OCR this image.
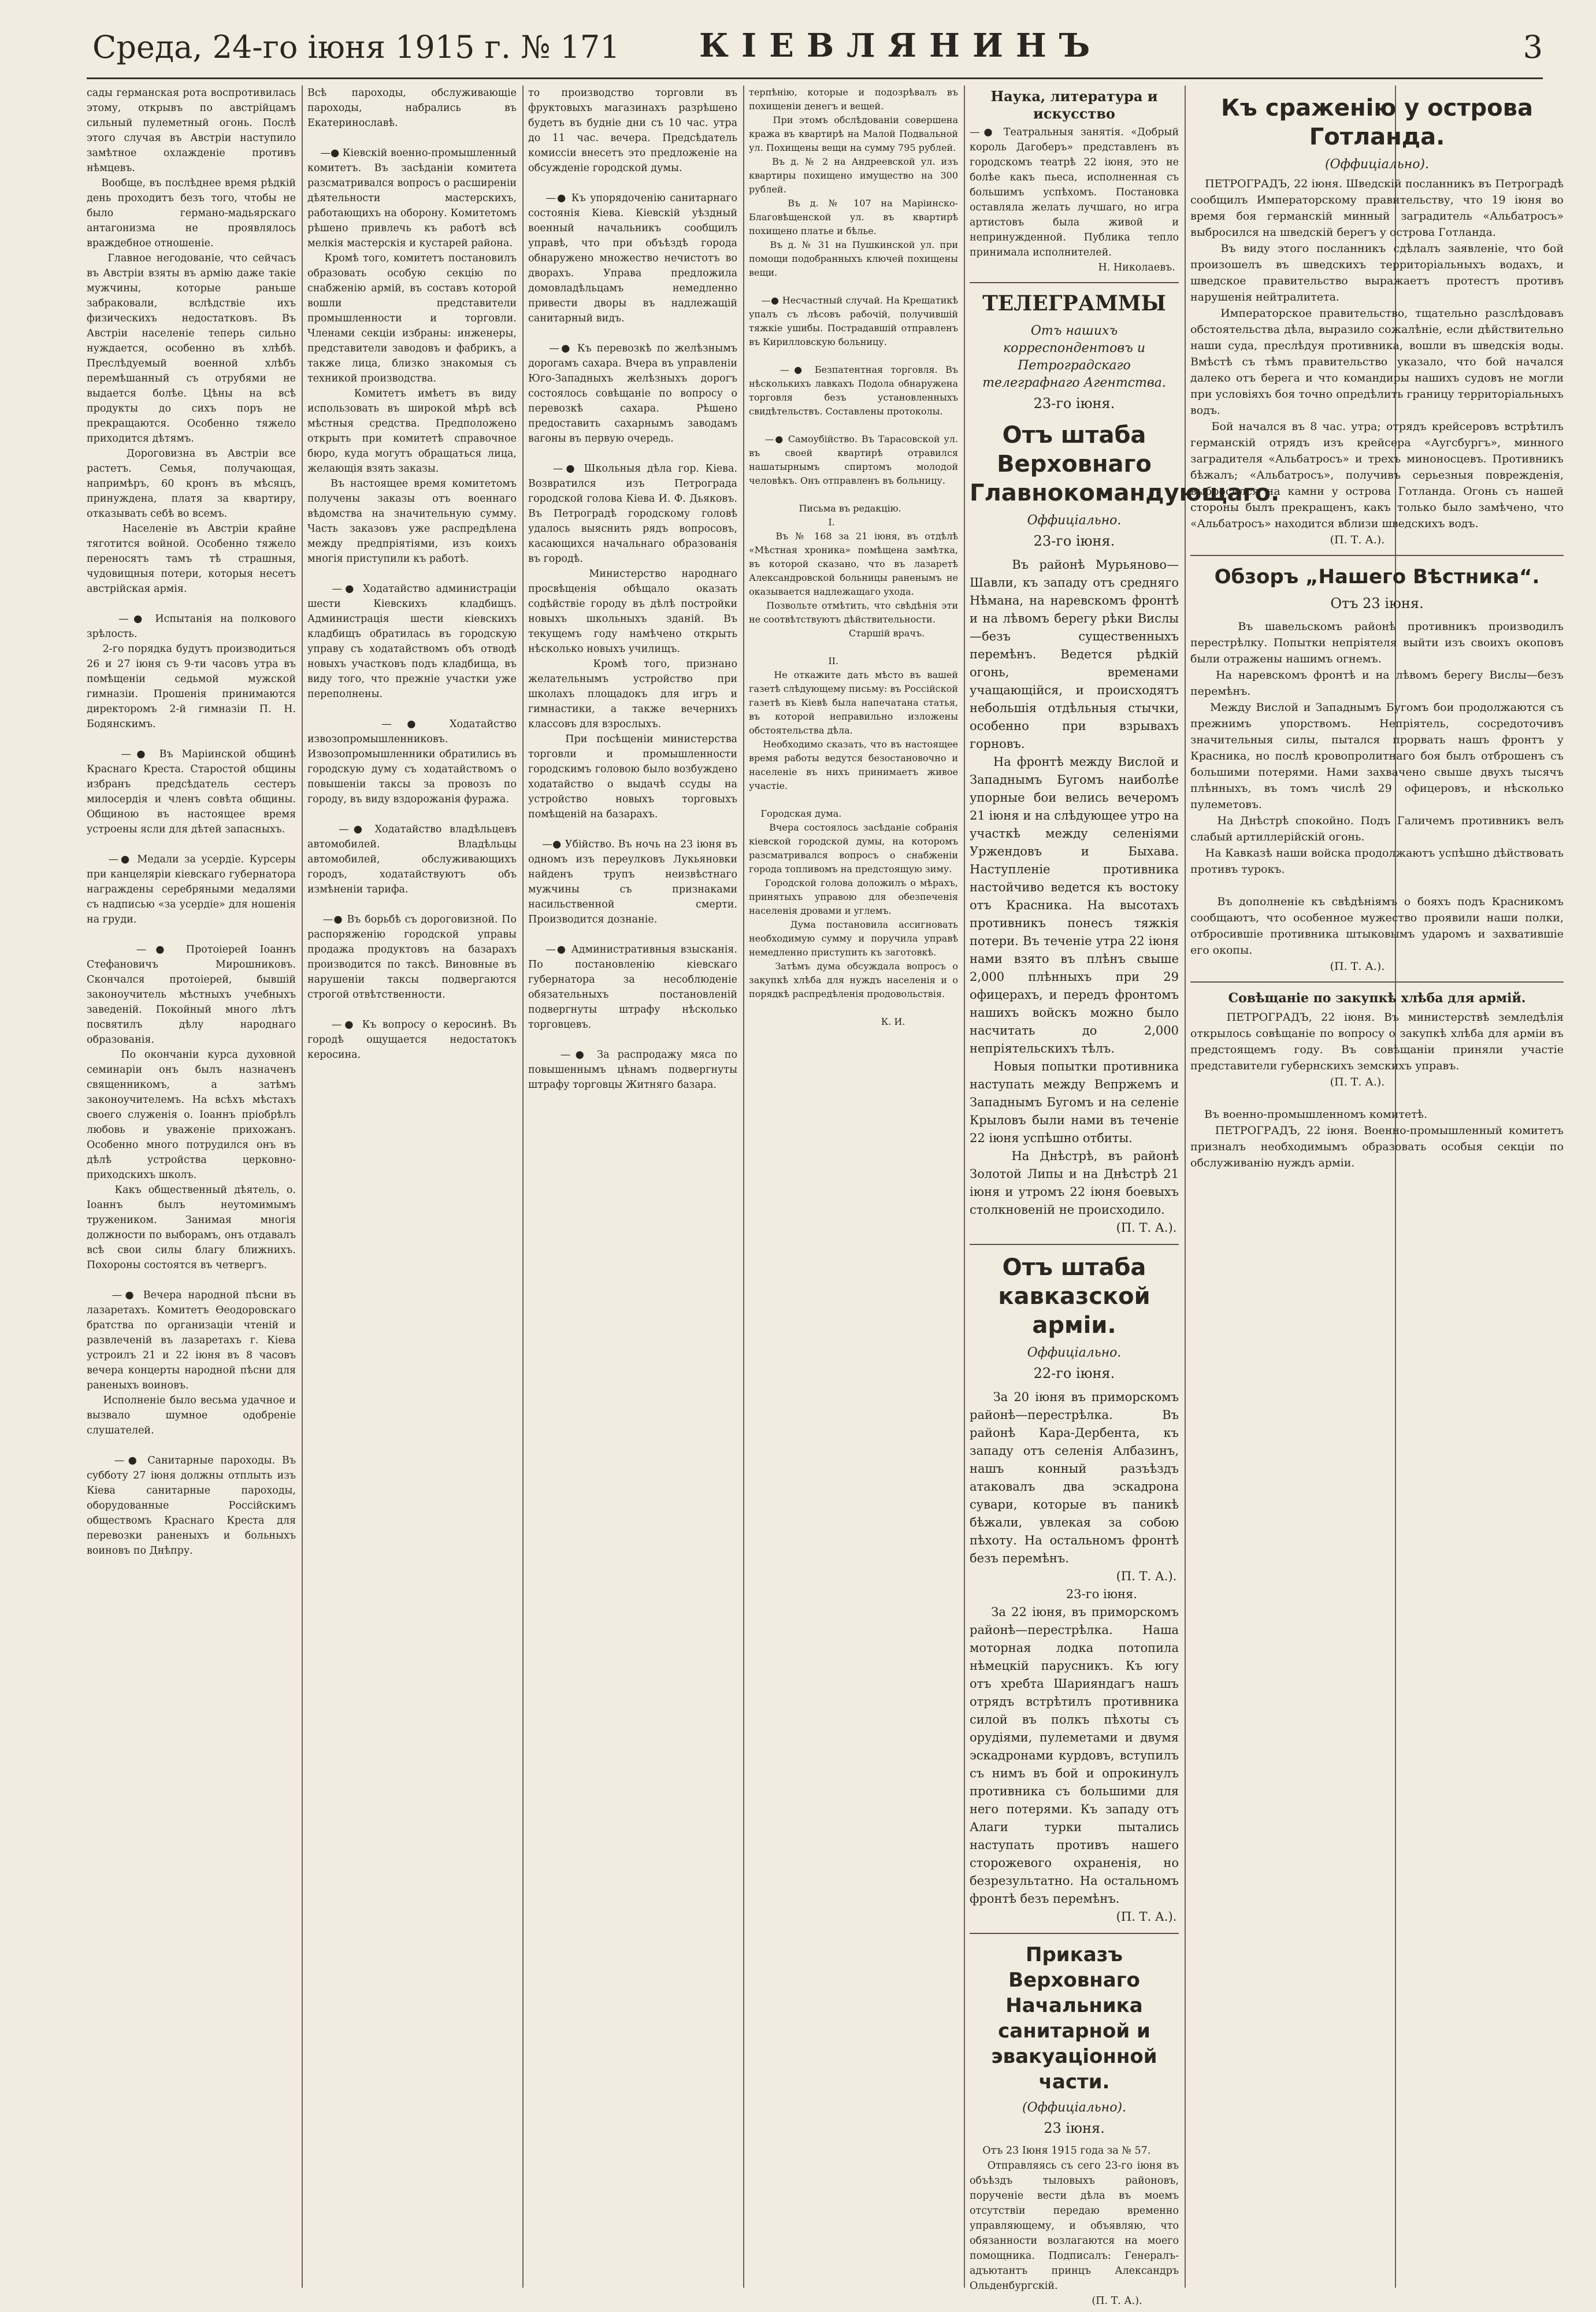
Среда, 24-го іюня 1915 г. № 171 КІЕВЛЯНИНЪ	3

сады германская рота воспротивилась этому, открывъ по австрійцамъ сильный пулеметный огонь. Послѣ этого случая въ Австріи наступило замѣтное охлажденіе противъ нѣмцевъ.
Вообще, въ послѣднее время рѣдкій день проходитъ безъ того, чтобы не было германо-мадьярскаго антагонизма не проявлялось враждебное отношеніе.
Главное негодованіе, что сейчасъ въ Австріи взяты въ армію даже такіе мужчины, которые раньше забраковали, вслѣдствіе ихъ физическихъ недостатковъ. Въ Австріи населеніе теперь сильно нуждается, особенно въ хлѣбѣ. Преслѣдуемый военной хлѣбъ перемѣшанный съ отрубями не выдается болѣе. Цѣны на всѣ продукты до сихъ поръ не прекращаются. Особенно тяжело приходится дѣтямъ.
Дороговизна въ Австріи все растетъ. Семья, получающая, напримѣръ, 60 кронъ въ мѣсяцъ, принуждена, платя за квартиру, отказывать себѣ во всемъ.
Населеніе въ Австріи крайне тяготится войной. Особенно тяжело переносятъ тамъ тѣ страшныя, чудовищныя потери, которыя несетъ австрійская армія.

—● Испытанія на полкового зрѣлость.
2-го порядка будутъ производиться 26 и 27 іюня съ 9-ти часовъ утра въ помѣщеніи седьмой мужской гимназіи. Прошенія принимаются директоромъ 2-й гимназіи П. Н. Бодянскимъ.

—● Въ Маріинской общинѣ Краснаго Креста. Старостой общины избранъ предсѣдатель сестеръ милосердія и членъ совѣта общины. Общиною въ настоящее время устроены ясли для дѣтей запасныхъ.

—● Медали за усердіе. Курсеры при канцеляріи кіевскаго губернатора награждены серебряными медалями съ надписью «за усердіе» для ношенія на груди.

—● Протоіерей Іоаннъ Стефановичъ Мирошниковъ. Скончался протоіерей, бывшій законоучитель мѣстныхъ учебныхъ заведеній. Покойный много лѣтъ посвятилъ дѣлу народнаго образованія.
По окончаніи курса духовной семинаріи онъ былъ назначенъ священникомъ, а затѣмъ законоучителемъ. На всѣхъ мѣстахъ своего служенія о. Іоаннъ пріобрѣлъ любовь и уваженіе прихожанъ. Особенно много потрудился онъ въ дѣлѣ устройства церковно-приходскихъ школъ.
Какъ общественный дѣятель, о. Іоаннъ былъ неутомимымъ тружеником. Занимая многія должности по выборамъ, онъ отдавалъ всѣ свои силы благу ближнихъ. Похороны состоятся въ четвергъ.

—● Вечера народной пѣсни въ лазаретахъ. Комитетъ Ѳеодоровскаго братства по организаціи чтеній и развлеченій въ лазаретахъ г. Кіева устроилъ 21 и 22 іюня въ 8 часовъ вечера концерты народной пѣсни для раненыхъ воиновъ.
Исполненіе было весьма удачное и вызвало шумное одобреніе слушателей.

—● Санитарные пароходы. Въ субботу 27 іюня должны отплыть изъ Кіева санитарные пароходы, оборудованные Россійскимъ обществомъ Краснаго Креста для перевозки раненыхъ и больныхъ воиновъ по Днѣпру.

Всѣ пароходы, обслуживающіе пароходы, набрались въ Екатеринославѣ.

—● Кіевскій военно-промышленный комитетъ. Въ засѣданіи комитета разсматривался вопросъ о расширеніи дѣятельности мастерскихъ, работающихъ на оборону. Комитетомъ рѣшено привлечь къ работѣ всѣ мелкія мастерскія и кустарей района.
Кромѣ того, комитетъ постановилъ образовать особую секцію по снабженію армій, въ составъ которой вошли представители промышленности и торговли. Членами секціи избраны: инженеры, представители заводовъ и фабрикъ, а также лица, близко знакомыя съ техникой производства.
Комитетъ имѣетъ въ виду использовать въ широкой мѣрѣ всѣ мѣстныя средства. Предположено открыть при комитетѣ справочное бюро, куда могутъ обращаться лица, желающія взять заказы.
Въ настоящее время комитетомъ получены заказы отъ военнаго вѣдомства на значительную сумму. Часть заказовъ уже распредѣлена между предпріятіями, изъ коихъ многія приступили къ работѣ.

—● Ходатайство администраціи шести Кіевскихъ кладбищъ. Администрація шести кіевскихъ кладбищъ обратилась въ городскую управу съ ходатайствомъ объ отводѣ новыхъ участковъ подъ кладбища, въ виду того, что прежніе участки уже переполнены.

—● Ходатайство извозопромышленниковъ. Извозопромышленники обратились въ городскую думу съ ходатайствомъ о повышеніи таксы за провозъ по городу, въ виду вздорожанія фуража.

—● Ходатайство владѣльцевъ автомобилей. Владѣльцы автомобилей, обслуживающихъ городъ, ходатайствуютъ объ измѣненіи тарифа.

—● Въ борьбѣ съ дороговизной. По распоряженію городской управы продажа продуктовъ на базарахъ производится по таксѣ. Виновные въ нарушеніи таксы подвергаются строгой отвѣтственности.

—● Къ вопросу о керосинѣ. Въ городѣ ощущается недостатокъ керосина.

то производство торговли въ фруктовыхъ магазинахъ разрѣшено будетъ въ будніе дни съ 10 час. утра до 11 час. вечера. Предсѣдатель комиссіи внесетъ это предложеніе на обсужденіе городской думы.

—● Къ упорядоченію санитарнаго состоянія Кіева. Кіевскій уѣздный военный начальникъ сообщилъ управѣ, что при объѣздѣ города обнаружено множество нечистотъ во дворахъ. Управа предложила домовладѣльцамъ немедленно привести дворы въ надлежащій санитарный видъ.

—● Къ перевозкѣ по желѣзнымъ дорогамъ сахара. Вчера въ управленіи Юго-Западныхъ желѣзныхъ дорогъ состоялось совѣщаніе по вопросу о перевозкѣ сахара. Рѣшено предоставить сахарнымъ заводамъ вагоны въ первую очередь.

—● Школьныя дѣла гор. Кіева. Возвратился изъ Петрограда городской голова Кіева И. Ф. Дьяковъ. Въ Петроградѣ городскому головѣ удалось выяснить рядъ вопросовъ, касающихся начальнаго образованія въ городѣ.
Министерство народнаго просвѣщенія обѣщало оказать содѣйствіе городу въ дѣлѣ постройки новыхъ школьныхъ зданій. Въ текущемъ году намѣчено открыть нѣсколько новыхъ училищъ.
Кромѣ того, признано желательнымъ устройство при школахъ площадокъ для игръ и гимнастики, а также вечернихъ классовъ для взрослыхъ.
При посѣщеніи министерства торговли и промышленности городскимъ головою было возбуждено ходатайство о выдачѣ ссуды на устройство новыхъ торговыхъ помѣщеній на базарахъ.

—● Убійство. Въ ночь на 23 іюня въ одномъ изъ переулковъ Лукьяновки найденъ трупъ неизвѣстнаго мужчины съ признаками насильственной смерти. Производится дознаніе.

—● Административныя взысканія. По постановленію кіевскаго губернатора за несоблюденіе обязательныхъ постановленій подвергнуты штрафу нѣсколько торговцевъ.

—● За распродажу мяса по повышеннымъ цѣнамъ подвергнуты штрафу торговцы Житняго базара.

терпѣнію, которые и подозрѣвалъ въ похищеніи денегъ и вещей.
При этомъ обслѣдованіи совершена кража въ квартирѣ на Малой Подвальной ул. Похищены вещи на сумму 795 рублей.
Въ д. № 2 на Андреевской ул. изъ квартиры похищено имущество на 300 рублей.
Въ д. № 107 на Маріинско-Благовѣщенской ул. въ квартирѣ похищено платье и бѣлье.
Въ д. № 31 на Пушкинской ул. при помощи подобранныхъ ключей похищены вещи.

—● Несчастный случай. На Крещатикѣ упалъ съ лѣсовъ рабочій, получившій тяжкіе ушибы. Пострадавшій отправленъ въ Кирилловскую больницу.

—● Безпатентная торговля. Въ нѣсколькихъ лавкахъ Подола обнаружена торговля безъ установленныхъ свидѣтельствъ. Составлены протоколы.

—● Самоубійство. Въ Тарасовской ул. въ своей квартирѣ отравился нашатырнымъ спиртомъ молодой человѣкъ. Онъ отправленъ въ больницу.

Письма въ редакцію.
I.
Въ № 168 за 21 іюня, въ отдѣлѣ «Мѣстная хроника» помѣщена замѣтка, въ которой сказано, что въ лазаретѣ Александровской больницы раненымъ не оказывается надлежащаго ухода.
Позвольте отмѣтить, что свѣдѣнія эти не соотвѣтствуютъ дѣйствительности.
Старшій врачъ.

II.
Не откажите дать мѣсто въ вашей газетѣ слѣдующему письму: въ Россійской газетѣ въ Кіевѣ была напечатана статья, въ которой неправильно изложены обстоятельства дѣла.
Необходимо сказать, что въ настоящее время работы ведутся безостановочно и населеніе въ нихъ принимаетъ живое участіе.

Городская дума.
Вчера состоялось засѣданіе собранія кіевской городской думы, на которомъ разсматривался вопросъ о снабженіи города топливомъ на предстоящую зиму.
Городской голова доложилъ о мѣрахъ, принятыхъ управою для обезпеченія населенія дровами и углемъ.
Дума постановила ассигновать необходимую сумму и поручила управѣ немедленно приступить къ заготовкѣ.
Затѣмъ дума обсуждала вопросъ о закупкѣ хлѣба для нуждъ населенія и о порядкѣ распредѣленія продовольствія.

К. И.

Наука, литература и искусство

—● Театральныя занятія. «Добрый король Дагоберъ» представленъ въ городскомъ театрѣ 22 іюня, это не болѣе какъ пьеса, исполненная съ большимъ успѣхомъ. Постановка оставляла желать лучшаго, но игра артистовъ была живой и непринужденной. Публика тепло принимала исполнителей.
Н. Николаевъ.

ТЕЛЕГРАММЫ
Отъ нашихъ корреспондентовъ и Петроградскаго телеграфнаго Агентства.
23-го іюня.
Отъ штаба Верховнаго Главнокомандующаго.
Оффиціально.
23-го іюня.

Въ районѣ Мурьяново—Шавли, къ западу отъ средняго Нѣмана, на наревскомъ фронтѣ и на лѣвомъ берегу рѣки Вислы—безъ существенныхъ перемѣнъ. Ведется рѣдкій огонь, временами учащающійся, и происходятъ небольшія отдѣльныя стычки, особенно при взрывахъ горновъ.
На фронтѣ между Вислой и Западнымъ Бугомъ наиболѣе упорные бои велись вечеромъ 21 іюня и на слѣдующее утро на участкѣ между селеніями Уржендовъ и Быхава. Наступленіе противника настойчиво ведется къ востоку отъ Красника. На высотахъ противникъ понесъ тяжкія потери. Въ теченіе утра 22 іюня нами взято въ плѣнъ свыше 2,000 плѣнныхъ при 29 офицерахъ, и передъ фронтомъ нашихъ войскъ можно было насчитать до 2,000 непріятельскихъ тѣлъ.
Новыя попытки противника наступать между Вепржемъ и Западнымъ Бугомъ и на селеніе Крыловъ были нами въ теченіе 22 іюня успѣшно отбиты.
На Днѣстрѣ, въ районѣ Золотой Липы и на Днѣстрѣ 21 іюня и утромъ 22 іюня боевыхъ столкновеній не происходило.
(П. Т. А.).

Отъ штаба кавказской арміи.
Оффиціально.
22-го іюня.

За 20 іюня въ приморскомъ районѣ—перестрѣлка. Въ районѣ Кара-Дербента, къ западу отъ селенія Албазинъ, нашъ конный разъѣздъ атаковалъ два эскадрона сувари, которые въ паникѣ бѣжали, увлекая за собою пѣхоту. На остальномъ фронтѣ безъ перемѣнъ.
(П. Т. А.).
23-го іюня.
За 22 іюня, въ приморскомъ районѣ—перестрѣлка. Наша моторная лодка потопила нѣмецкій парусникъ. Къ югу отъ хребта Шарияндагъ нашъ отрядъ встрѣтилъ противника силой въ полкъ пѣхоты съ орудіями, пулеметами и двумя эскадронами курдовъ, вступилъ съ нимъ въ бой и опрокинулъ противника съ большими для него потерями. Къ западу отъ Алаги турки пытались наступать противъ нашего сторожевого охраненія, но безрезультатно. На остальномъ фронтѣ безъ перемѣнъ.
(П. Т. А.).

Приказъ Верховнаго Начальника санитарной и эвакуаціонной части.
(Оффиціально).
23 іюня.

Отъ 23 Іюня 1915 года за № 57.
Отправляясь съ сего 23-го іюня въ объѣздъ тыловыхъ районовъ, порученіе вести дѣла въ моемъ отсутствіи передаю временно управляющему, и объявляю, что обязанности возлагаются на моего помощника. Подписалъ: Генералъ-адъютантъ принцъ Александръ Ольденбургскій.
(П. Т. А.).

Къ сраженію у острова Готланда.
(Оффиціально).

ПЕТРОГРАДЪ, 22 іюня. Шведскій посланникъ въ Петроградѣ сообщилъ Императорскому правительству, что 19 іюня во время боя германскій минный заградитель «Альбатросъ» выбросился на шведскій берегъ у острова Готланда.
Въ виду этого посланникъ сдѣлалъ заявленіе, что бой произошелъ въ шведскихъ территоріальныхъ водахъ, и шведское правительство выражаетъ протестъ противъ нарушенія нейтралитета.
Императорское правительство, тщательно разслѣдовавъ обстоятельства дѣла, выразило сожалѣніе, если дѣйствительно наши суда, преслѣдуя противника, вошли въ шведскія воды. Вмѣстѣ съ тѣмъ правительство указало, что бой начался далеко отъ берега и что командиры нашихъ судовъ не могли при условіяхъ боя точно опредѣлить границу территоріальныхъ водъ.
Бой начался въ 8 час. утра; отрядъ крейсеровъ встрѣтилъ германскій отрядъ изъ крейсера «Аугсбургъ», минного заградителя «Альбатросъ» и трехъ миноносцевъ. Противникъ бѣжалъ; «Альбатросъ», получивъ серьезныя поврежденія, выбросился на камни у острова Готланда. Огонь съ нашей стороны былъ прекращенъ, какъ только было замѣчено, что «Альбатросъ» находится вблизи шведскихъ водъ.
(П. Т. А.).

Обзоръ „Нашего Вѣстника“.
Отъ 23 іюня.

Въ шавельскомъ районѣ противникъ производилъ перестрѣлку. Попытки непріятеля выйти изъ своихъ окоповъ были отражены нашимъ огнемъ.
На наревскомъ фронтѣ и на лѣвомъ берегу Вислы—безъ перемѣнъ.
Между Вислой и Западнымъ Бугомъ бои продолжаются съ прежнимъ упорствомъ. Непріятель, сосредоточивъ значительныя силы, пытался прорвать нашъ фронтъ у Красника, но послѣ кровопролитнаго боя былъ отброшенъ съ большими потерями. Нами захвачено свыше двухъ тысячъ плѣнныхъ, въ томъ числѣ 29 офицеровъ, и нѣсколько пулеметовъ.
На Днѣстрѣ спокойно. Подъ Галичемъ противникъ велъ слабый артиллерійскій огонь.
На Кавказѣ наши войска продолжаютъ успѣшно дѣйствовать противъ турокъ.

Въ дополненіе къ свѣдѣніямъ о бояхъ подъ Красникомъ сообщаютъ, что особенное мужество проявили наши полки, отбросившіе противника штыковымъ ударомъ и захватившіе его окопы.
(П. Т. А.).

Совѣщаніе по закупкѣ хлѣба для армій.

ПЕТРОГРАДЪ, 22 іюня. Въ министерствѣ земледѣлія открылось совѣщаніе по вопросу о закупкѣ хлѣба для арміи въ предстоящемъ году. Въ совѣщаніи приняли участіе представители губернскихъ земскихъ управъ.
(П. Т. А.).

Въ военно-промышленномъ комитетѣ.
ПЕТРОГРАДЪ, 22 іюня. Военно-промышленный комитетъ призналъ необходимымъ образовать особыя секціи по обслуживанію нуждъ арміи.
